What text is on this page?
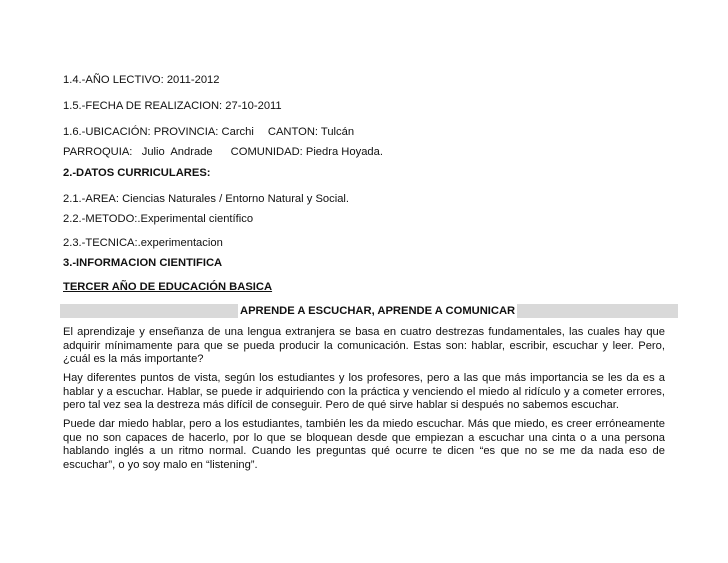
1.4.-AÑO LECTIVO: 2011-2012
1.5.-FECHA DE REALIZACION: 27-10-2011
1.6.-UBICACIÓN: PROVINCIA: Carchi CANTON: Tulcán
PARROQUIA:   Julio  Andrade COMUNIDAD: Piedra Hoyada.
2.-DATOS CURRICULARES:
2.1.-AREA: Ciencias Naturales / Entorno Natural y Social.
2.2.-METODO:.Experimental científico
2.3.-TECNICA:.experimentacion
3.-INFORMACION CIENTIFICA
TERCER AÑO DE EDUCACIÓN BASICA
APRENDE A ESCUCHAR, APRENDE A COMUNICAR

El aprendizaje y enseñanza de una lengua extranjera se basa en cuatro destrezas fundamentales, las cuales hay que adquirir mínimamente para que se pueda producir la comunicación. Estas son: hablar, escribir, escuchar y leer. Pero, ¿cuál es la más importante?

Hay diferentes puntos de vista, según los estudiantes y los profesores, pero a las que más importancia se les da es a hablar y a escuchar. Hablar, se puede ir adquiriendo con la práctica y venciendo el miedo al ridículo y a cometer errores, pero tal vez sea la destreza más difícil de conseguir. Pero de qué sirve hablar si después no sabemos escuchar.

Puede dar miedo hablar, pero a los estudiantes, también les da miedo escuchar. Más que miedo, es creer erróneamente que no son capaces de hacerlo, por lo que se bloquean desde que empiezan a escuchar una cinta o a una persona hablando inglés a un ritmo normal. Cuando les preguntas qué ocurre te dicen “es que no se me da nada eso de escuchar”, o yo soy malo en “listening”.
